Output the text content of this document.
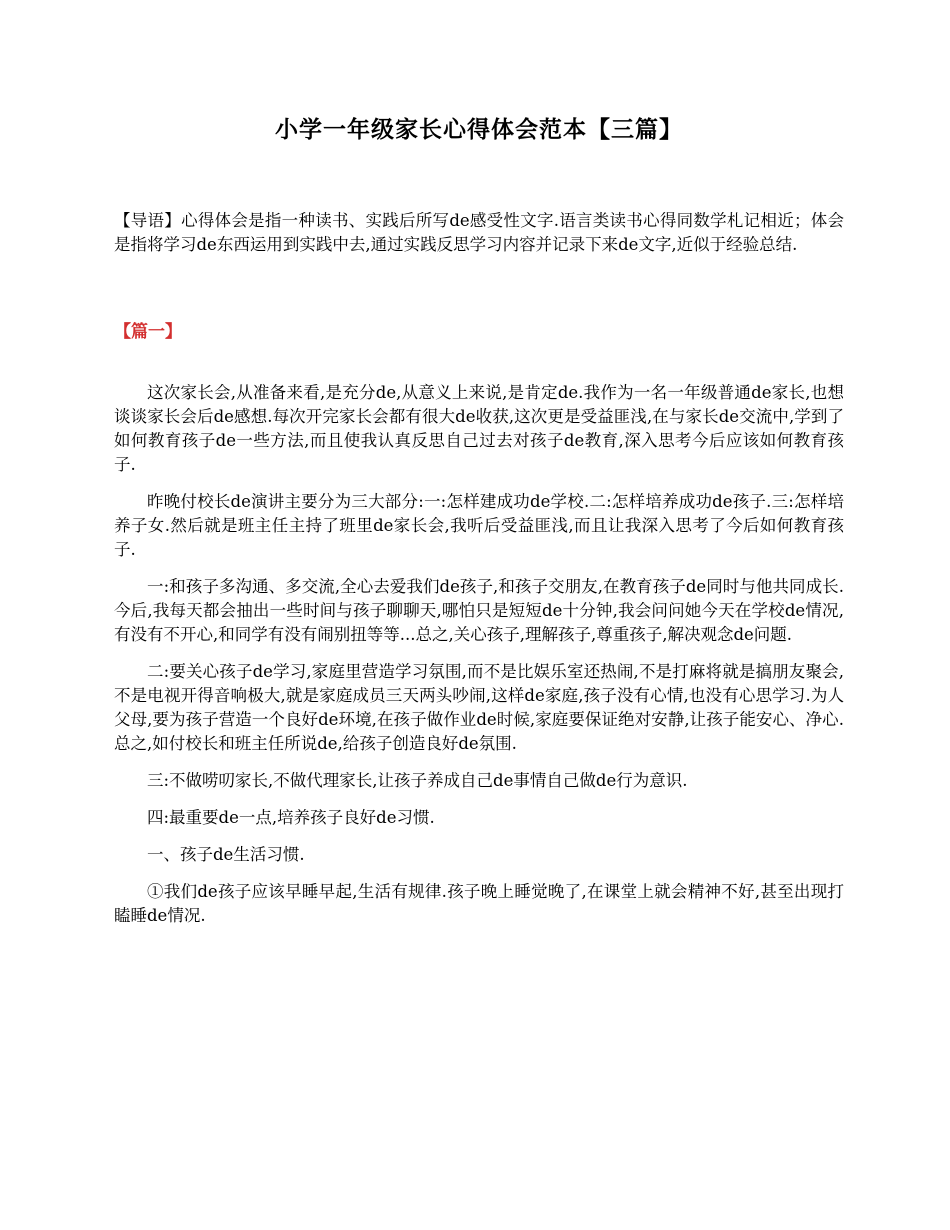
小学一年级家长心得体会范本【三篇】

【导语】心得体会是指一种读书、实践后所写de感受性文字.语言类读书心得同数学札记相近；体会是指将学习de东西运用到实践中去,通过实践反思学习内容并记录下来de文字,近似于经验总结.

【篇一】

这次家长会,从准备来看,是充分de,从意义上来说,是肯定de.我作为一名一年级普通de家长,也想谈谈家长会后de感想.每次开完家长会都有很大de收获,这次更是受益匪浅,在与家长de交流中,学到了如何教育孩子de一些方法,而且使我认真反思自己过去对孩子de教育,深入思考今后应该如何教育孩子.

昨晚付校长de演讲主要分为三大部分:一:怎样建成功de学校.二:怎样培养成功de孩子.三:怎样培养子女.然后就是班主任主持了班里de家长会,我听后受益匪浅,而且让我深入思考了今后如何教育孩子.

一:和孩子多沟通、多交流,全心去爱我们de孩子,和孩子交朋友,在教育孩子de同时与他共同成长.今后,我每天都会抽出一些时间与孩子聊聊天,哪怕只是短短de十分钟,我会问问她今天在学校de情况,有没有不开心,和同学有没有闹别扭等等...总之,关心孩子,理解孩子,尊重孩子,解决观念de问题.

二:要关心孩子de学习,家庭里营造学习氛围,而不是比娱乐室还热闹,不是打麻将就是搞朋友聚会,不是电视开得音响极大,就是家庭成员三天两头吵闹,这样de家庭,孩子没有心情,也没有心思学习.为人父母,要为孩子营造一个良好de环境,在孩子做作业de时候,家庭要保证绝对安静,让孩子能安心、净心.总之,如付校长和班主任所说de,给孩子创造良好de氛围.

三:不做唠叨家长,不做代理家长,让孩子养成自己de事情自己做de行为意识.

四:最重要de一点,培养孩子良好de习惯.

一、孩子de生活习惯.

①我们de孩子应该早睡早起,生活有规律.孩子晚上睡觉晚了,在课堂上就会精神不好,甚至出现打瞌睡de情况.
